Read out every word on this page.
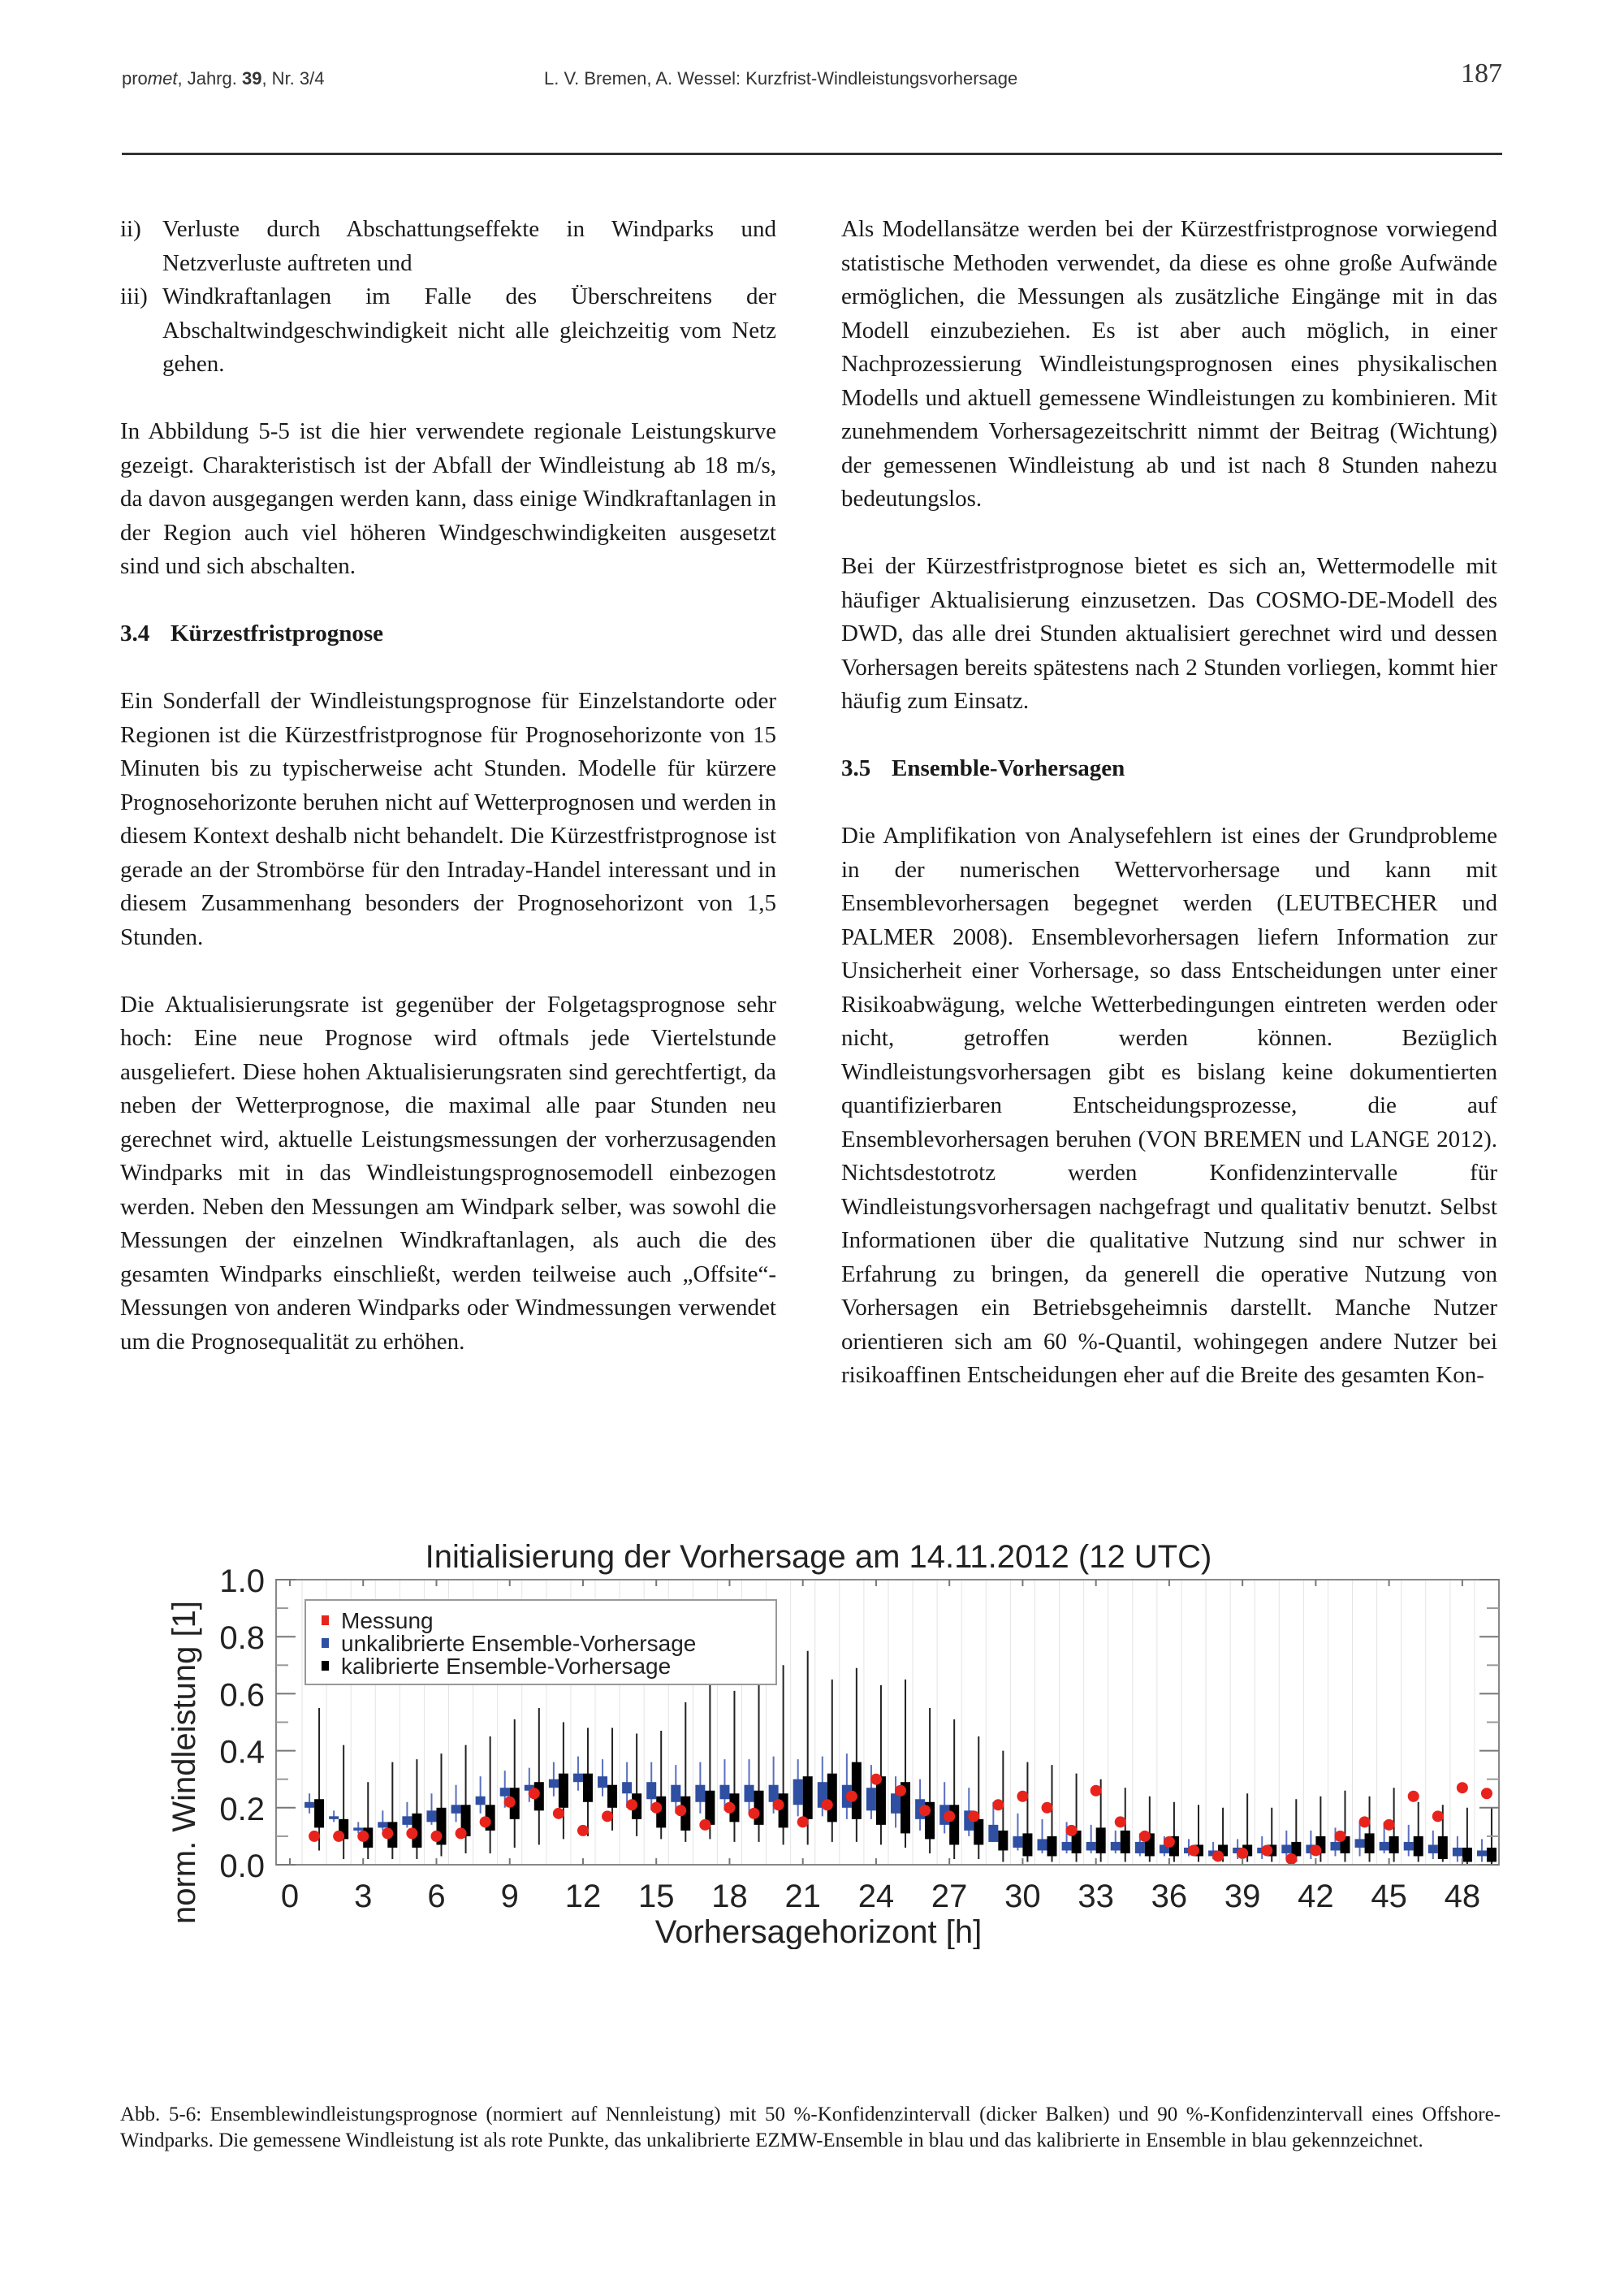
promet, Jahrg. 39, Nr. 3/4	L. V. Bremen, A. Wessel: Kurzfrist-Windleistungsvorhersage	187
ii) Verluste durch Abschattungseffekte in Windparks und Netzverluste auftreten und
iii) Windkraftanlagen im Falle des Überschreitens der Abschaltwindgeschwindigkeit nicht alle gleichzeitig vom Netz gehen.

In Abbildung 5-5 ist die hier verwendete regionale Leistungskurve gezeigt. Charakteristisch ist der Abfall der Windleistung ab 18 m/s, da davon ausgegangen werden kann, dass einige Windkraftanlagen in der Region auch viel höheren Windgeschwindigkeiten ausgesetzt sind und sich abschalten.

3.4 Kürzestfristprognose

Ein Sonderfall der Windleistungsprognose für Einzelstandorte oder Regionen ist die Kürzestfristprognose für Prognosehorizonte von 15 Minuten bis zu typischerweise acht Stunden. Modelle für kürzere Prognosehorizonte beruhen nicht auf Wetterprognosen und werden in diesem Kontext deshalb nicht behandelt. Die Kürzestfristprognose ist gerade an der Strombörse für den Intraday-Handel interessant und in diesem Zusammenhang besonders der Prognosehorizont von 1,5 Stunden.

Die Aktualisierungsrate ist gegenüber der Folgetagsprognose sehr hoch: Eine neue Prognose wird oftmals jede Viertelstunde ausgeliefert. Diese hohen Aktualisierungsraten sind gerechtfertigt, da neben der Wetterprognose, die maximal alle paar Stunden neu gerechnet wird, aktuelle Leistungsmessungen der vorherzusagenden Windparks mit in das Windleistungsprognosemodell einbezogen werden. Neben den Messungen am Windpark selber, was sowohl die Messungen der einzelnen Windkraftanlagen, als auch die des gesamten Windparks einschließt, werden teilweise auch „Offsite“-Messungen von anderen Windparks oder Windmessungen verwendet um die Prognosequalität zu erhöhen.

Als Modellansätze werden bei der Kürzestfristprognose vorwiegend statistische Methoden verwendet, da diese es ohne große Aufwände ermöglichen, die Messungen als zusätzliche Eingänge mit in das Modell einzubeziehen. Es ist aber auch möglich, in einer Nachprozessierung Windleistungsprognosen eines physikalischen Modells und aktuell gemessene Windleistungen zu kombinieren. Mit zunehmendem Vorhersagezeitschritt nimmt der Beitrag (Wichtung) der gemessenen Windleistung ab und ist nach 8 Stunden nahezu bedeutungslos.

Bei der Kürzestfristprognose bietet es sich an, Wettermodelle mit häufiger Aktualisierung einzusetzen. Das COSMO-DE-Modell des DWD, das alle drei Stunden aktualisiert gerechnet wird und dessen Vorhersagen bereits spätestens nach 2 Stunden vorliegen, kommt hier häufig zum Einsatz.

3.5 Ensemble-Vorhersagen

Die Amplifikation von Analysefehlern ist eines der Grundprobleme in der numerischen Wettervorhersage und kann mit Ensemblevorhersagen begegnet werden (LEUTBECHER und PALMER 2008). Ensemblevorhersagen liefern Information zur Unsicherheit einer Vorhersage, so dass Entscheidungen unter einer Risikoabwägung, welche Wetterbedingungen eintreten werden oder nicht, getroffen werden können. Bezüglich Windleistungsvorhersagen gibt es bislang keine dokumentierten quantifizierbaren Entscheidungsprozesse, die auf Ensemblevorhersagen beruhen (VON BREMEN und LANGE 2012). Nichtsdestotrotz werden Konfidenzintervalle für Windleistungsvorhersagen nachgefragt und qualitativ benutzt. Selbst Informationen über die qualitative Nutzung sind nur schwer in Erfahrung zu bringen, da generell die operative Nutzung von Vorhersagen ein Betriebsgeheimnis darstellt. Manche Nutzer orientieren sich am 60 %-Quantil, wohingegen andere Nutzer bei risikoaffinen Entscheidungen eher auf die Breite des gesamten Kon-

Initialisierung der Vorhersage am 14.11.2012 (12 UTC)
norm. Windleistung [1]
Vorhersagehorizont [h]
0.0
0.2
0.4
0.6
0.8
1.0
0 3 6 9 12 15 18 21 24 27 30 33 36 39 42 45 48
Messung
unkalibrierte Ensemble-Vorhersage
kalibrierte Ensemble-Vorhersage
Abb. 5-6: Ensemblewindleistungsprognose (normiert auf Nennleistung) mit 50 %-Konfidenzintervall (dicker Balken) und 90 %-Konfidenzintervall eines Offshore-Windparks. Die gemessene Windleistung ist als rote Punkte, das unkalibrierte EZMW-Ensemble in blau und das kalibrierte in Ensemble in blau gekennzeichnet.
